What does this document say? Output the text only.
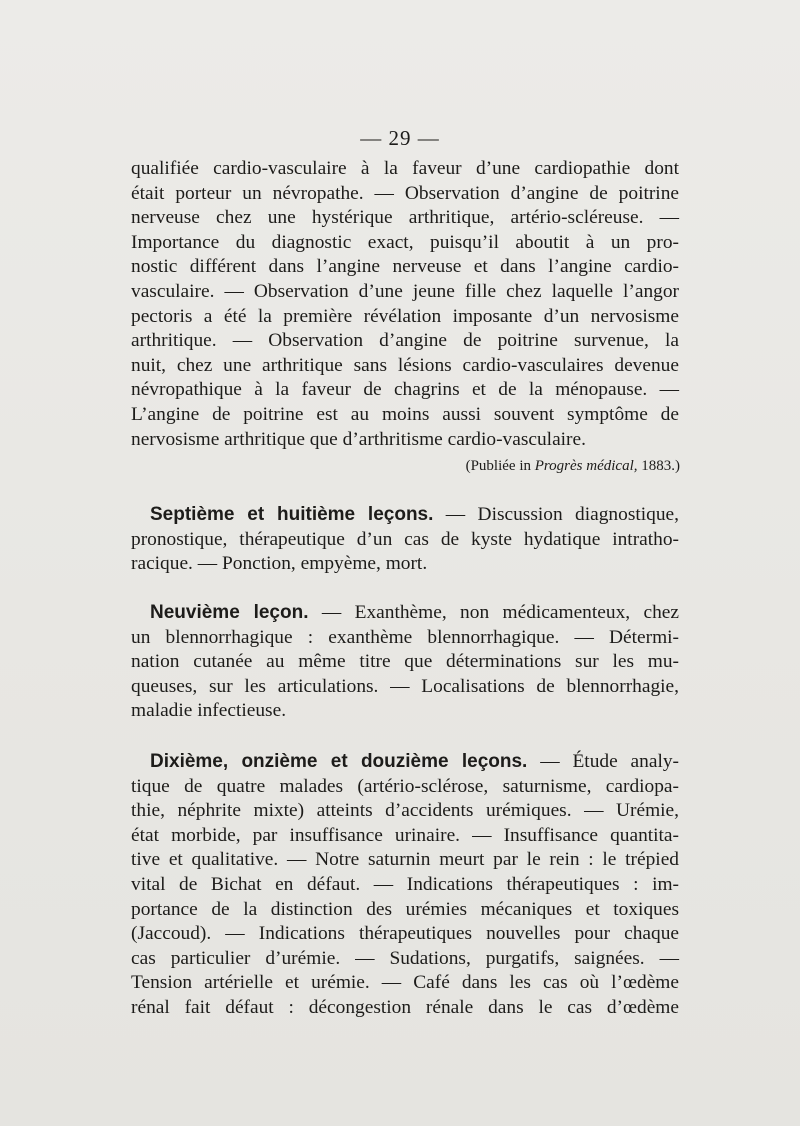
— 29 —
qualifiée cardio-vasculaire à la faveur d’une cardiopathie dont
était porteur un névropathe. — Observation d’angine de poitrine
nerveuse chez une hystérique arthritique, artério-scléreuse. —
Importance du diagnostic exact, puisqu’il aboutit à un pro-
nostic différent dans l’angine nerveuse et dans l’angine cardio-
vasculaire. — Observation d’une jeune fille chez laquelle l’angor
pectoris a été la première révélation imposante d’un nervosisme
arthritique. — Observation d’angine de poitrine survenue, la
nuit, chez une arthritique sans lésions cardio-vasculaires devenue
névropathique à la faveur de chagrins et de la ménopause. —
L’angine de poitrine est au moins aussi souvent symptôme de
nervosisme arthritique que d’arthritisme cardio-vasculaire.
(Publiée in Progrès médical, 1883.)
Septième et huitième leçons. — Discussion diagnostique,
pronostique, thérapeutique d’un cas de kyste hydatique intratho-
racique. — Ponction, empyème, mort.
Neuvième leçon. — Exanthème, non médicamenteux, chez
un blennorrhagique : exanthème blennorrhagique. — Détermi-
nation cutanée au même titre que déterminations sur les mu-
queuses, sur les articulations. — Localisations de blennorrhagie,
maladie infectieuse.
Dixième, onzième et douzième leçons. — Étude analy-
tique de quatre malades (artério-sclérose, saturnisme, cardiopa-
thie, néphrite mixte) atteints d’accidents urémiques. — Urémie,
état morbide, par insuffisance urinaire. — Insuffisance quantita-
tive et qualitative. — Notre saturnin meurt par le rein : le trépied
vital de Bichat en défaut. — Indications thérapeutiques : im-
portance de la distinction des urémies mécaniques et toxiques
(Jaccoud). — Indications thérapeutiques nouvelles pour chaque
cas particulier d’urémie. — Sudations, purgatifs, saignées. —
Tension artérielle et urémie. — Café dans les cas où l’œdème
rénal fait défaut : décongestion rénale dans le cas d’œdème
